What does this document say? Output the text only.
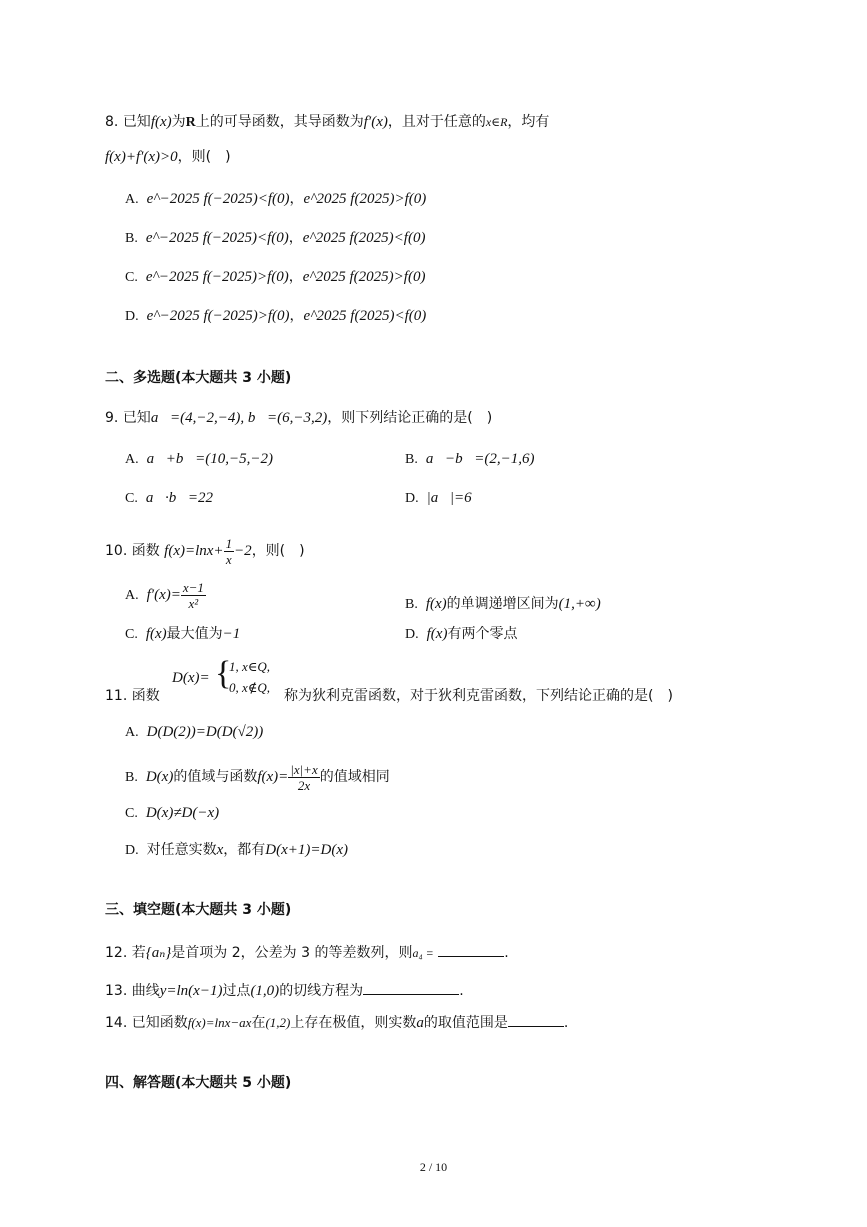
8. 已知f(x)为R上的可导函数，其导函数为f′(x)，且对于任意的x∈R，均有
f(x)+f′(x)>0，则(　)
A. e^−2025 f(−2025)<f(0)，e^2025 f(2025)>f(0)
B. e^−2025 f(−2025)<f(0)，e^2025 f(2025)<f(0)
C. e^−2025 f(−2025)>f(0)，e^2025 f(2025)>f(0)
D. e^−2025 f(−2025)>f(0)，e^2025 f(2025)<f(0)
二、多选题(本大题共 3 小题)
9. 已知a⃗=(4,−2,−4), b⃗=(6,−3,2)，则下列结论正确的是(　)
A. a⃗+b⃗=(10,−5,−2)	B. a⃗−b⃗=(2,−1,6)
C. a⃗·b⃗=22	D. |a⃗|=6
10. 函数 $f(x)=\ln x+ \frac{1}{x} -2$，则(　)
A. $f'(x)= \frac{x-1}{\text{x²}}$	B. f(x)的单调递增区间为(1,+∞)
C. f(x)最大值为−1	D. f(x)有两个零点
11. 函数
D(x)= {
1, x∈Q,
0, x∉Q,
称为狄利克雷函数，对于狄利克雷函数，下列结论正确的是(　)
A. D(D(2))=D(D(√2))
B. D(x)的值域与函数$f(x)= \frac{|x|+x}{2x}$ 的值域相同
C. D(x)≠D(−x)
D. 对任意实数x，都有D(x+1)=D(x)
三、填空题(本大题共 3 小题)
12. 若{aₙ}是首项为 2，公差为 3 的等差数列，则a₄ =	.
13. 曲线y=ln(x−1)过点(1,0)的切线方程为	.
14. 已知函数f(x)=lnx−ax在(1,2)上存在极值，则实数a的取值范围是	.
四、解答题(本大题共 5 小题)
2 / 10
